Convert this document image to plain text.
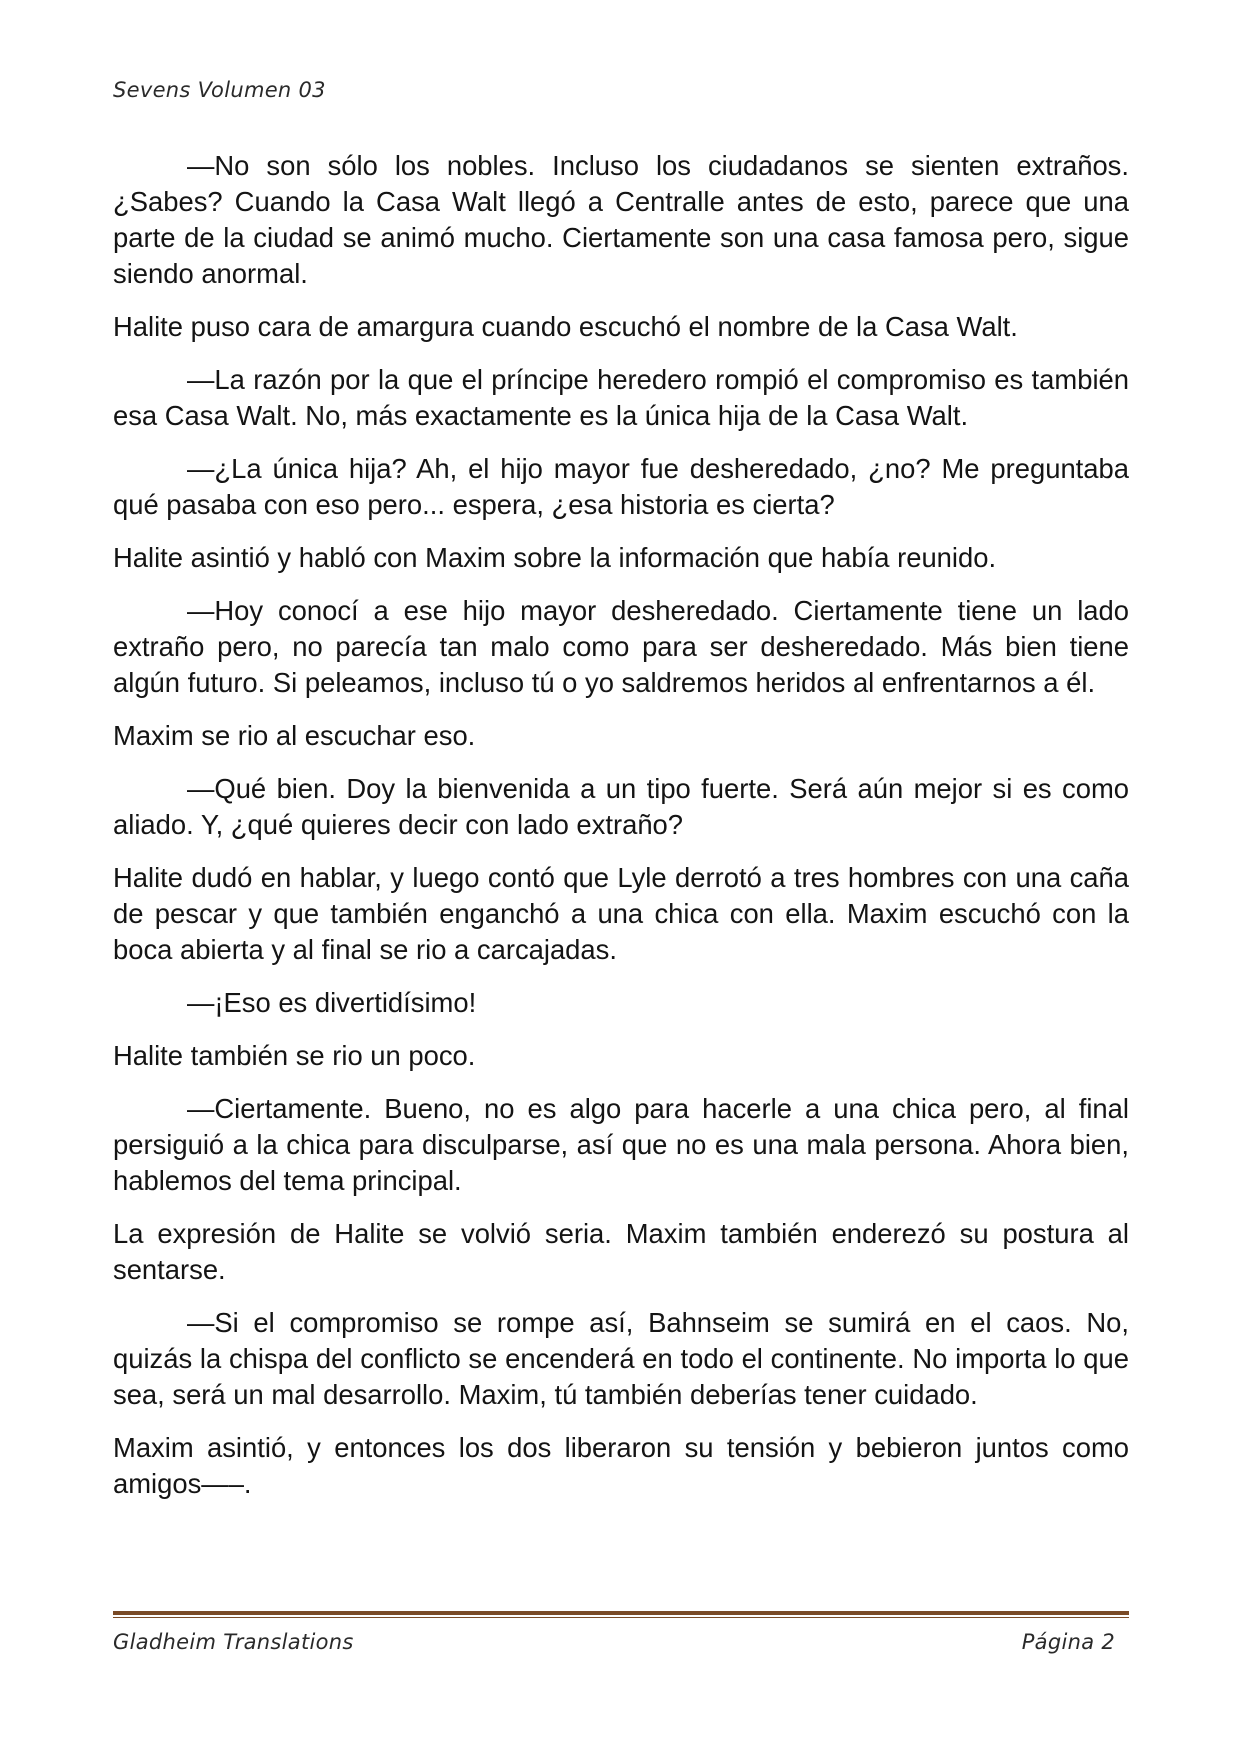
Sevens Volumen 03

—No son sólo los nobles. Incluso los ciudadanos se sienten extraños. ¿Sabes? Cuando la Casa Walt llegó a Centralle antes de esto, parece que una parte de la ciudad se animó mucho. Ciertamente son una casa famosa pero, sigue siendo anormal.

Halite puso cara de amargura cuando escuchó el nombre de la Casa Walt.

—La razón por la que el príncipe heredero rompió el compromiso es también esa Casa Walt. No, más exactamente es la única hija de la Casa Walt.

—¿La única hija? Ah, el hijo mayor fue desheredado, ¿no? Me preguntaba qué pasaba con eso pero... espera, ¿esa historia es cierta?

Halite asintió y habló con Maxim sobre la información que había reunido.

—Hoy conocí a ese hijo mayor desheredado. Ciertamente tiene un lado extraño pero, no parecía tan malo como para ser desheredado. Más bien tiene algún futuro. Si peleamos, incluso tú o yo saldremos heridos al enfrentarnos a él.

Maxim se rio al escuchar eso.

—Qué bien. Doy la bienvenida a un tipo fuerte. Será aún mejor si es como aliado. Y, ¿qué quieres decir con lado extraño?

Halite dudó en hablar, y luego contó que Lyle derrotó a tres hombres con una caña de pescar y que también enganchó a una chica con ella. Maxim escuchó con la boca abierta y al final se rio a carcajadas.

—¡Eso es divertidísimo!

Halite también se rio un poco.

—Ciertamente. Bueno, no es algo para hacerle a una chica pero, al final persiguió a la chica para disculparse, así que no es una mala persona. Ahora bien, hablemos del tema principal.

La expresión de Halite se volvió seria. Maxim también enderezó su postura al sentarse.

—Si el compromiso se rompe así, Bahnseim se sumirá en el caos. No, quizás la chispa del conflicto se encenderá en todo el continente. No importa lo que sea, será un mal desarrollo. Maxim, tú también deberías tener cuidado.

Maxim asintió, y entonces los dos liberaron su tensión y bebieron juntos como amigos—–.

Gladheim Translations	Página 2
